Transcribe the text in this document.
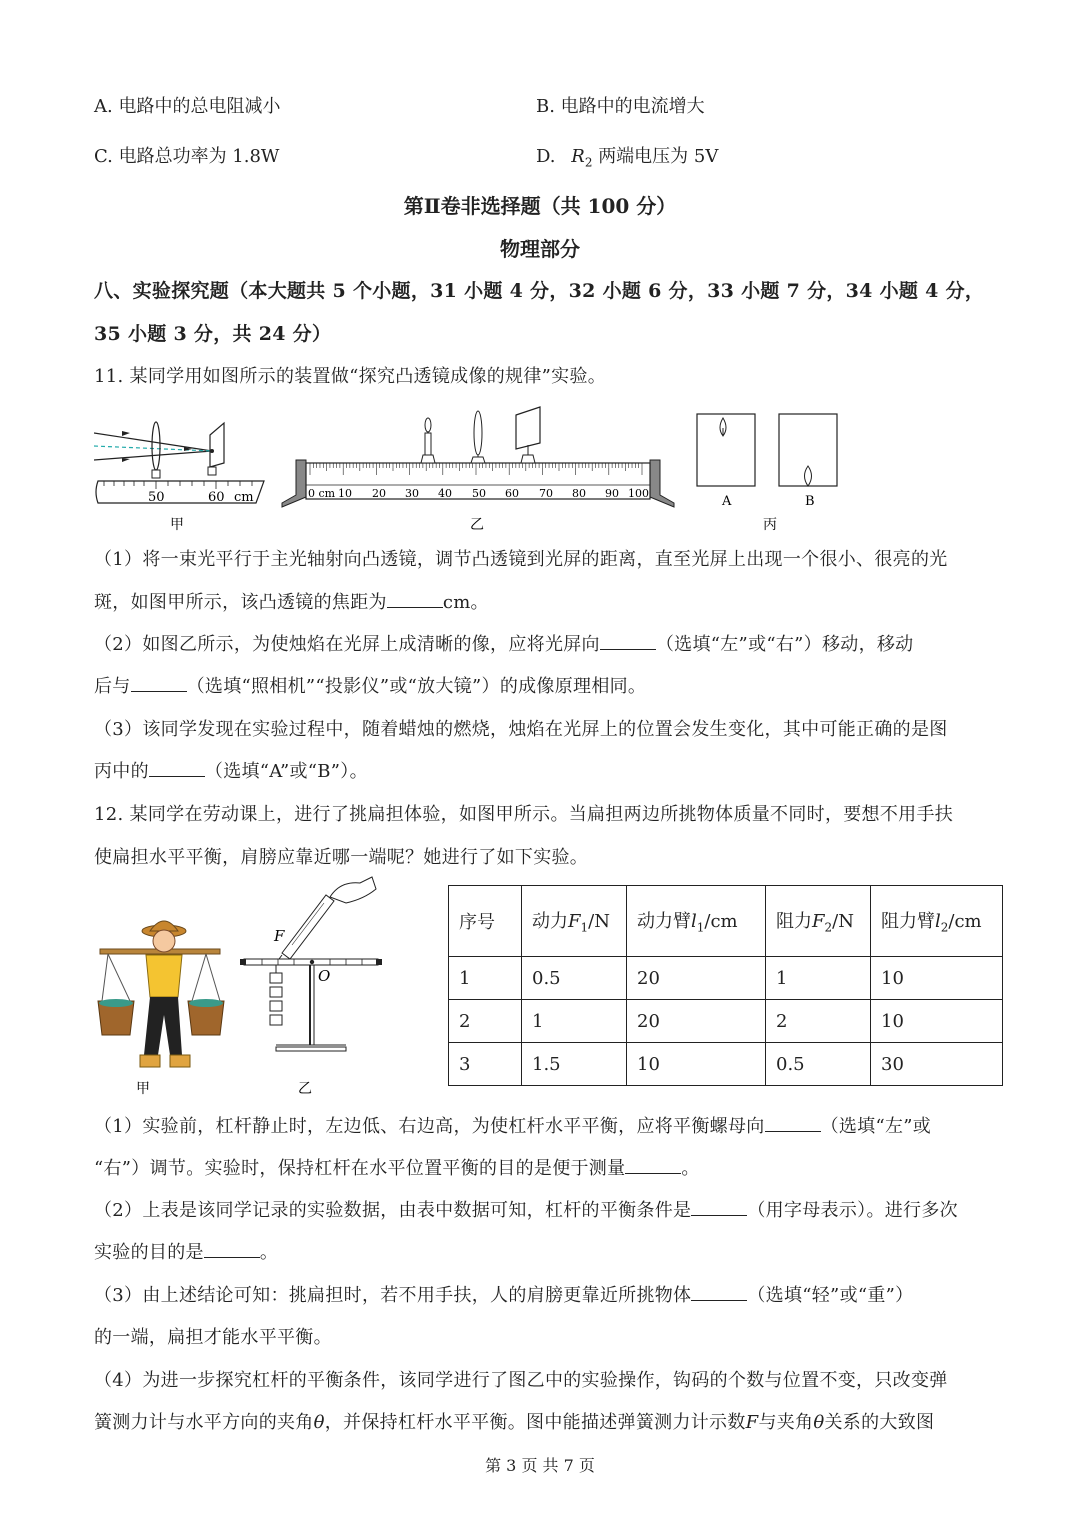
A. 电路中的总电阻减小	B. 电路中的电流增大
C. 电路总功率为 1.8W	D. $R_2$ 两端电压为 5V
第Ⅱ卷非选择题（共 100 分）
物理部分
八、实验探究题（本大题共 5 个小题，31 小题 4 分，32 小题 6 分，33 小题 7 分，34 小题 4 分，
35 小题 3 分，共 24 分）
11. 某同学用如图所示的装置做“探究凸透镜成像的规律”实验。
50	60 cm
甲
0 cm 10 20 30 40 50 60 70 80 90 100
乙
A	B
丙
（1）将一束光平行于主光轴射向凸透镜，调节凸透镜到光屏的距离，直至光屏上出现一个很小、很亮的光
斑，如图甲所示，该凸透镜的焦距为	cm。
（2）如图乙所示，为使烛焰在光屏上成清晰的像，应将光屏向	（选填“左”或“右”）移动，移动
后与	（选填“照相机”“投影仪”或“放大镜”）的成像原理相同。
（3）该同学发现在实验过程中，随着蜡烛的燃烧，烛焰在光屏上的位置会发生变化，其中可能正确的是图
丙中的	（选填“A”或“B”）。
12. 某同学在劳动课上，进行了挑扁担体验，如图甲所示。当扁担两边所挑物体质量不同时，要想不用手扶
使扁担水平平衡，肩膀应靠近哪一端呢？她进行了如下实验。
甲
F
O
乙
序号	动力$F_1/N$	动力臂$l_1/cm$	阻力$F_2/N$	阻力臂$l_2/cm$
1	0.5	20	1	10
2	1	20	2	10
3	1.5	10	0.5	30
（1）实验前，杠杆静止时，左边低、右边高，为使杠杆水平平衡，应将平衡螺母向	（选填“左”或
“右”）调节。实验时，保持杠杆在水平位置平衡的目的是便于测量	。
（2）上表是该同学记录的实验数据，由表中数据可知，杠杆的平衡条件是	（用字母表示）。进行多次
实验的目的是	。
（3）由上述结论可知：挑扁担时，若不用手扶，人的肩膀更靠近所挑物体	（选填“轻”或“重”）
的一端，扁担才能水平平衡。
（4）为进一步探究杠杆的平衡条件，该同学进行了图乙中的实验操作，钩码的个数与位置不变，只改变弹
簧测力计与水平方向的夹角θ，并保持杠杆水平平衡。图中能描述弹簧测力计示数F与夹角θ关系的大致图
第 3 页 共 7 页
